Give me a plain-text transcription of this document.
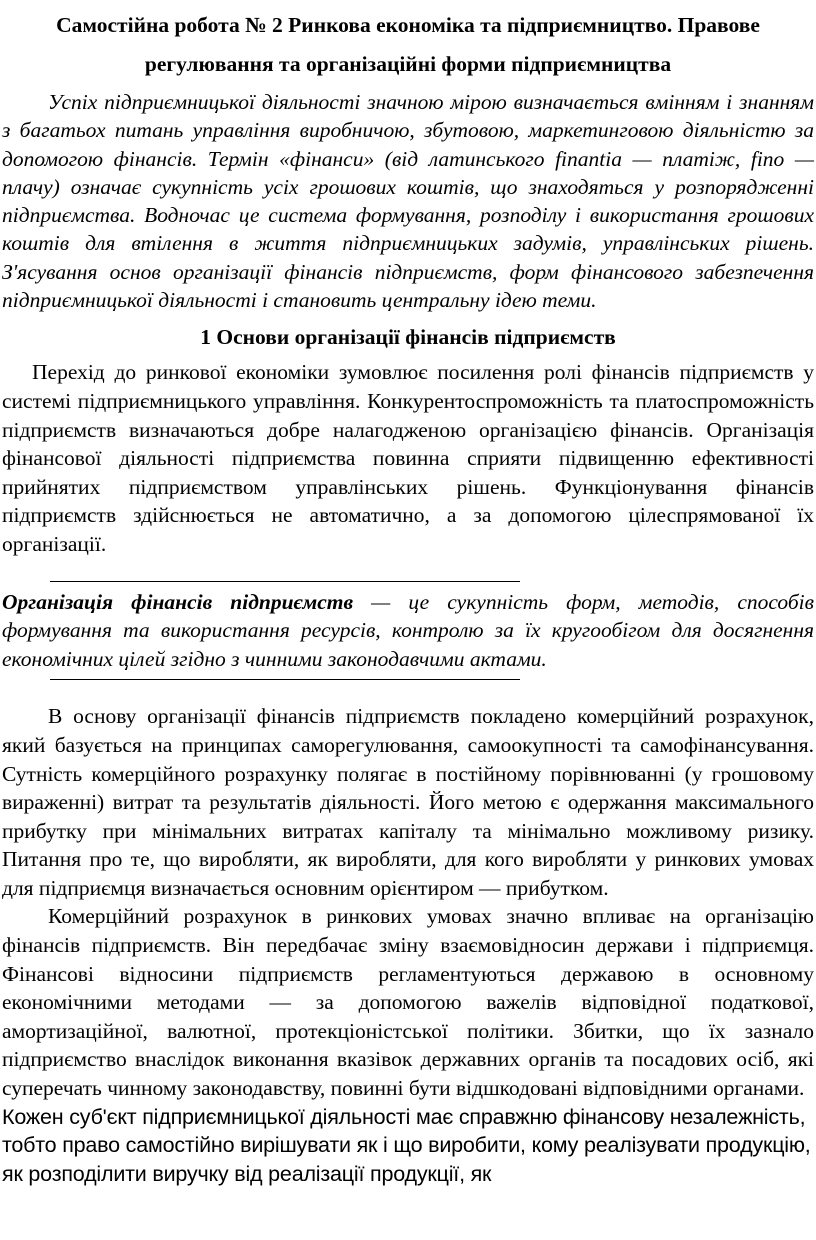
Самостійна робота № 2 Ринкова економіка та підприємництво. Правове регулювання та організаційні форми підприємництва

Успіх підприємницької діяльності значною мірою визначається вмінням і знанням з багатьох питань управління виробничою, збутовою, маркетинговою діяльністю за допомогою фінансів. Термін «фінанси» (від латинського finantia — платіж, fino — плачу) означає сукупність усіх грошових коштів, що знаходяться у розпорядженні підприємства. Водночас це система формування, розподілу і використання грошових коштів для втілення в життя підприємницьких задумів, управлінських рішень. З'ясування основ організації фінансів підприємств, форм фінансового забезпечення підприємницької діяльності і становить центральну ідею теми.

1 Основи організації фінансів підприємств

Перехід до ринкової економіки зумовлює посилення ролі фінансів підприємств у системі підприємницького управління. Конкурентоспроможність та платоспроможність підприємств визначаються добре налагодженою організацією фінансів. Організація фінансової діяльності підприємства повинна сприяти підвищенню ефективності прийнятих підприємством управлінських рішень. Функціонування фінансів підприємств здійснюється не автоматично, а за допомогою цілеспрямованої їх організації.

Організація фінансів підприємств — це сукупність форм, методів, способів формування та використання ресурсів, контролю за їх кругообігом для досягнення економічних цілей згідно з чинними законодавчими актами.

В основу організації фінансів підприємств покладено комерційний розрахунок, який базується на принципах саморегулювання, самоокупності та самофінансування. Сутність комерційного розрахунку полягає в постійному порівнюванні (у грошовому вираженні) витрат та результатів діяльності. Його метою є одержання максимального прибутку при мінімальних витратах капіталу та мінімально можливому ризику. Питання про те, що виробляти, як виробляти, для кого виробляти у ринкових умовах для підприємця визначається основним орієнтиром — прибутком.

Комерційний розрахунок в ринкових умовах значно впливає на організацію фінансів підприємств. Він передбачає зміну взаємовідносин держави і підприємця. Фінансові відносини підприємств регламентуються державою в основному економічними методами — за допомогою важелів відповідної податкової, амортизаційної, валютної, протекціоністської політики. Збитки, що їх зазнало підприємство внаслідок виконання вказівок державних органів та посадових осіб, які суперечать чинному законодавству, повинні бути відшкодовані відповідними органами.

Кожен суб'єкт підприємницької діяльності має справжню фінансову незалежність, тобто право самостійно вирішувати як і що виробити, кому реалізувати продукцію, як розподілити виручку від реалізації продукції, як
